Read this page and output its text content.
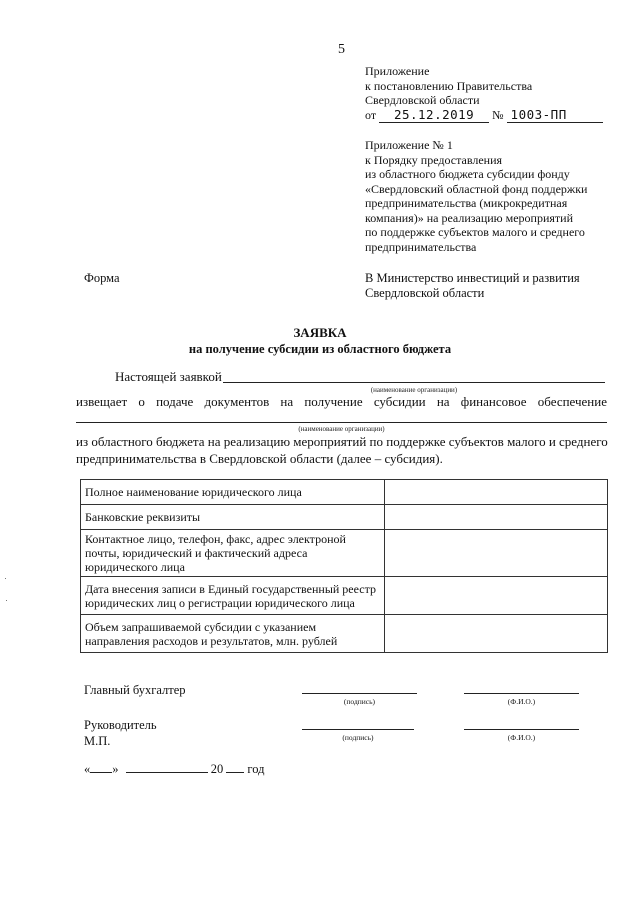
5
Приложение
к постановлению Правительства
Свердловской области
от 25.12.2019 № 1003-ПП
Приложение № 1
к Порядку предоставления
из областного бюджета субсидии фонду
«Свердловский областной фонд поддержки
предпринимательства (микрокредитная
компания)» на реализацию мероприятий
по поддержке субъектов малого и среднего
предпринимательства
Форма	В Министерство инвестиций и развития
Свердловской области
ЗАЯВКА
на получение субсидии из областного бюджета
Настоящей заявкой
(наименование организации)
извещает о подаче документов на получение субсидии на финансовое обеспечение
(наименование организации)
из областного бюджета на реализацию мероприятий по поддержке субъектов малого и среднего предпринимательства в Свердловской области (далее – субсидия).
Полное наименование юридического лица	
Банковские реквизиты	
Контактное лицо, телефон, факс, адрес электроной почты, юридический и фактический адреса юридического лица	
Дата внесения записи в Единый государственный реестр юридических лиц о регистрации юридического лица	
Объем запрашиваемой субсидии с указанием направления расходов и результатов, млн. рублей	
Главный бухгалтер
(подпись)	(Ф.И.О.)
Руководитель
М.П.	(подпись)	(Ф.И.О.)
« »	20 год
